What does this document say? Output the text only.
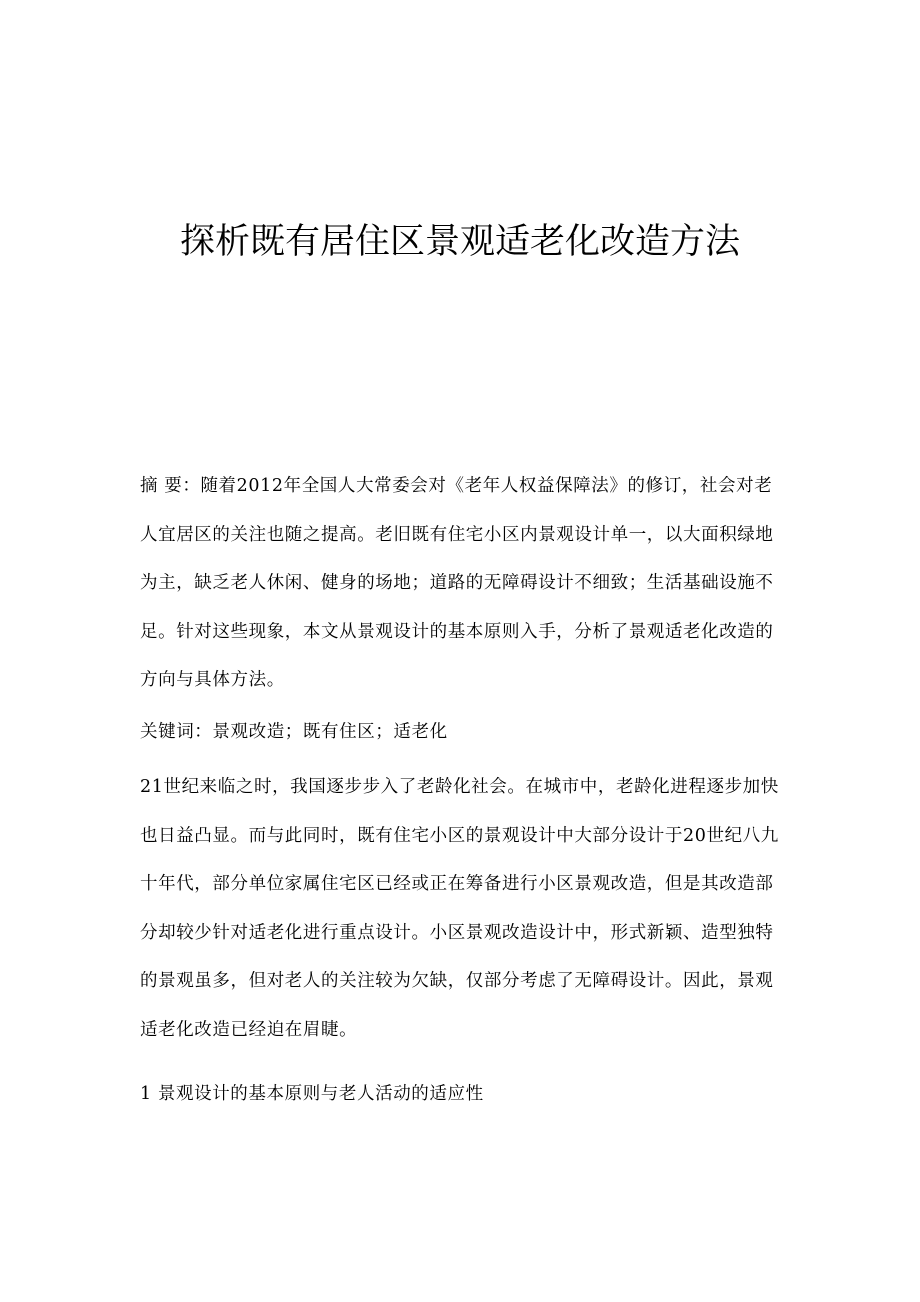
探析既有居住区景观适老化改造方法

摘 要：随着2012年全国人大常委会对《老年人权益保障法》的修订，社会对老人宜居区的关注也随之提高。老旧既有住宅小区内景观设计单一，以大面积绿地为主，缺乏老人休闲、健身的场地；道路的无障碍设计不细致；生活基础设施不足。针对这些现象，本文从景观设计的基本原则入手，分析了景观适老化改造的方向与具体方法。

关键词：景观改造；既有住区；适老化

21世纪来临之时，我国逐步步入了老龄化社会。在城市中，老龄化进程逐步加快也日益凸显。而与此同时，既有住宅小区的景观设计中大部分设计于20世纪八九十年代，部分单位家属住宅区已经或正在筹备进行小区景观改造，但是其改造部分却较少针对适老化进行重点设计。小区景观改造设计中，形式新颖、造型独特的景观虽多，但对老人的关注较为欠缺，仅部分考虑了无障碍设计。因此，景观适老化改造已经迫在眉睫。

1 景观设计的基本原则与老人活动的适应性
